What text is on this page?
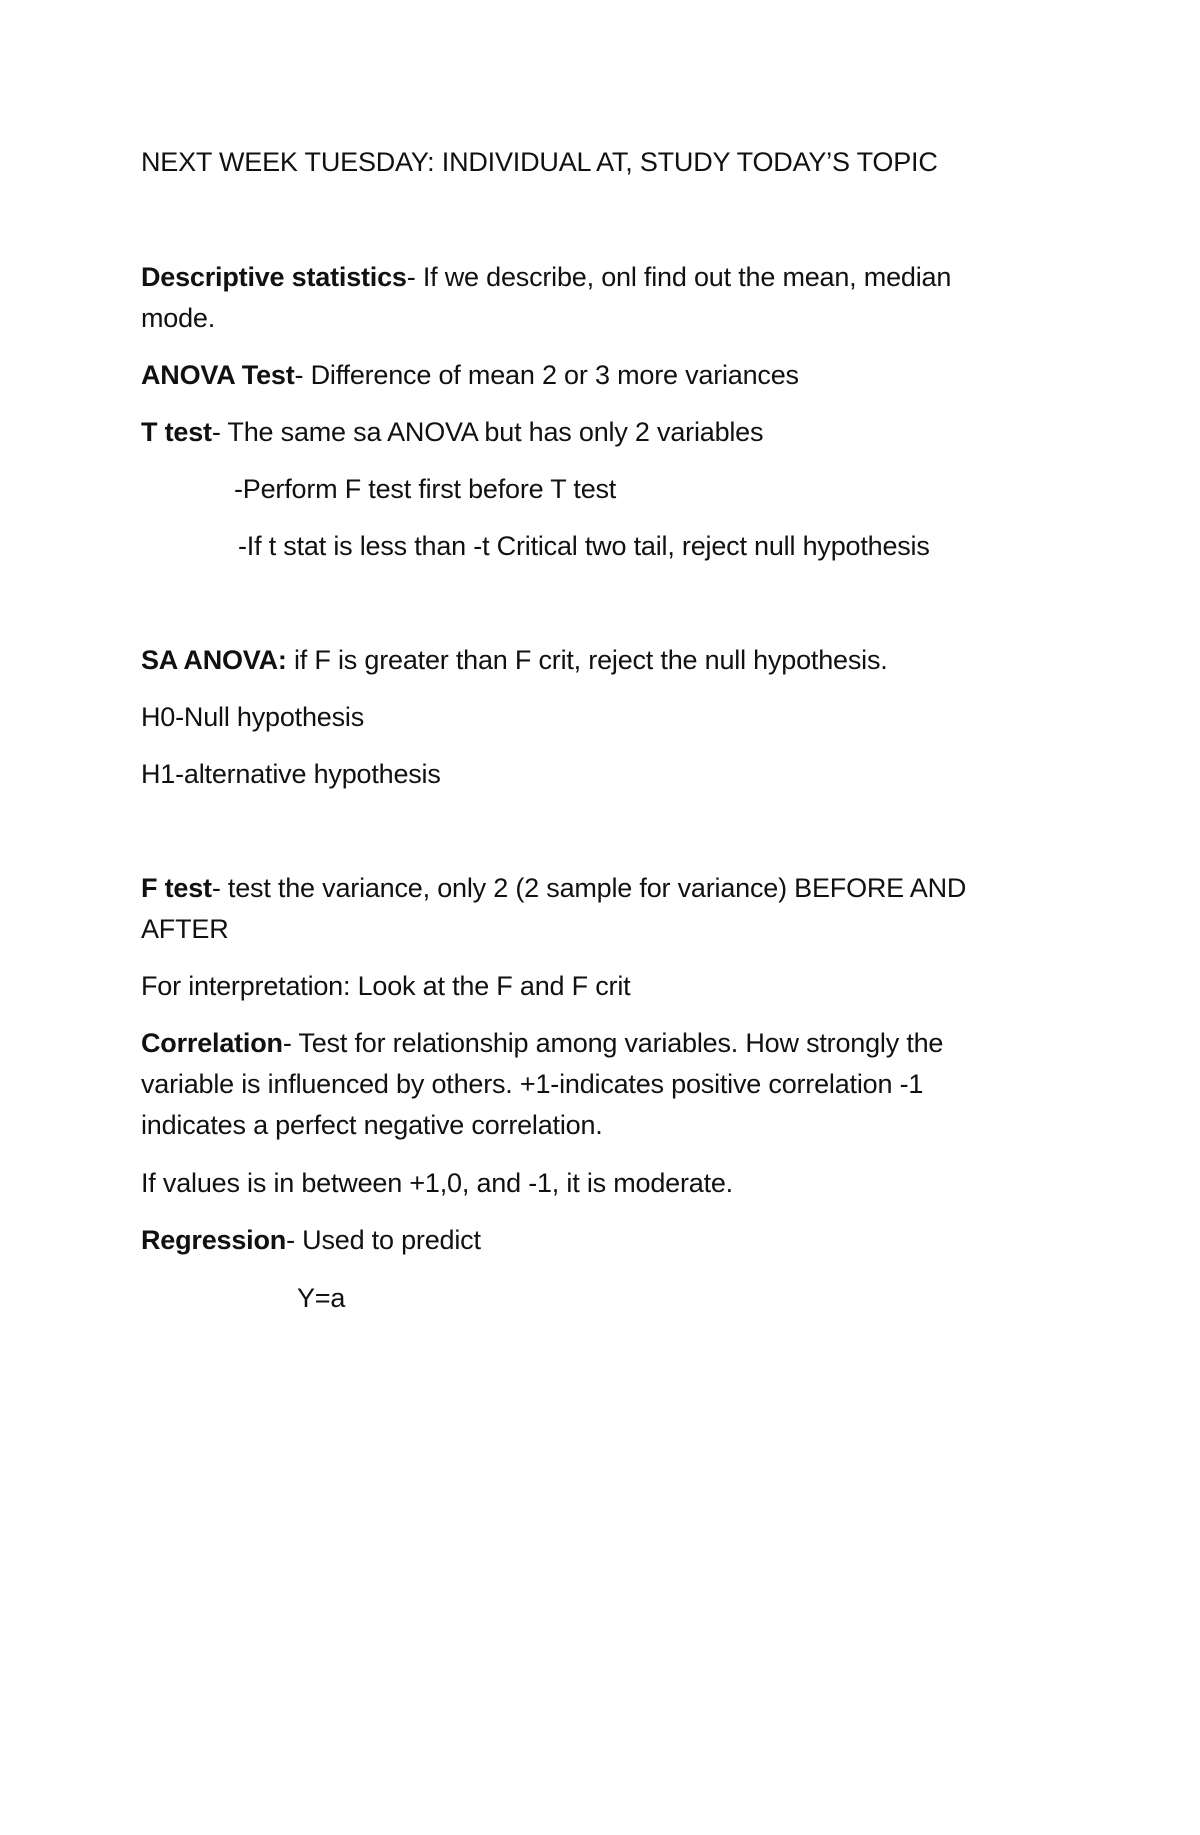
NEXT WEEK TUESDAY: INDIVIDUAL AT, STUDY TODAY’S TOPIC
Descriptive statistics- If we describe, onl find out the mean, median mode.
ANOVA Test- Difference of mean 2 or 3 more variances
T test- The same sa ANOVA but has only 2 variables
-Perform F test first before T test
-If t stat is less than -t Critical two tail, reject null hypothesis
SA ANOVA: if F is greater than F crit, reject the null hypothesis.
H0-Null hypothesis
H1-alternative hypothesis
F test- test the variance, only 2 (2 sample for variance) BEFORE AND AFTER
For interpretation: Look at the F and F crit
Correlation- Test for relationship among variables. How strongly the variable is influenced by others. +1-indicates positive correlation -1 indicates a perfect negative correlation.
If values is in between +1,0, and -1, it is moderate.
Regression- Used to predict
Y=a
